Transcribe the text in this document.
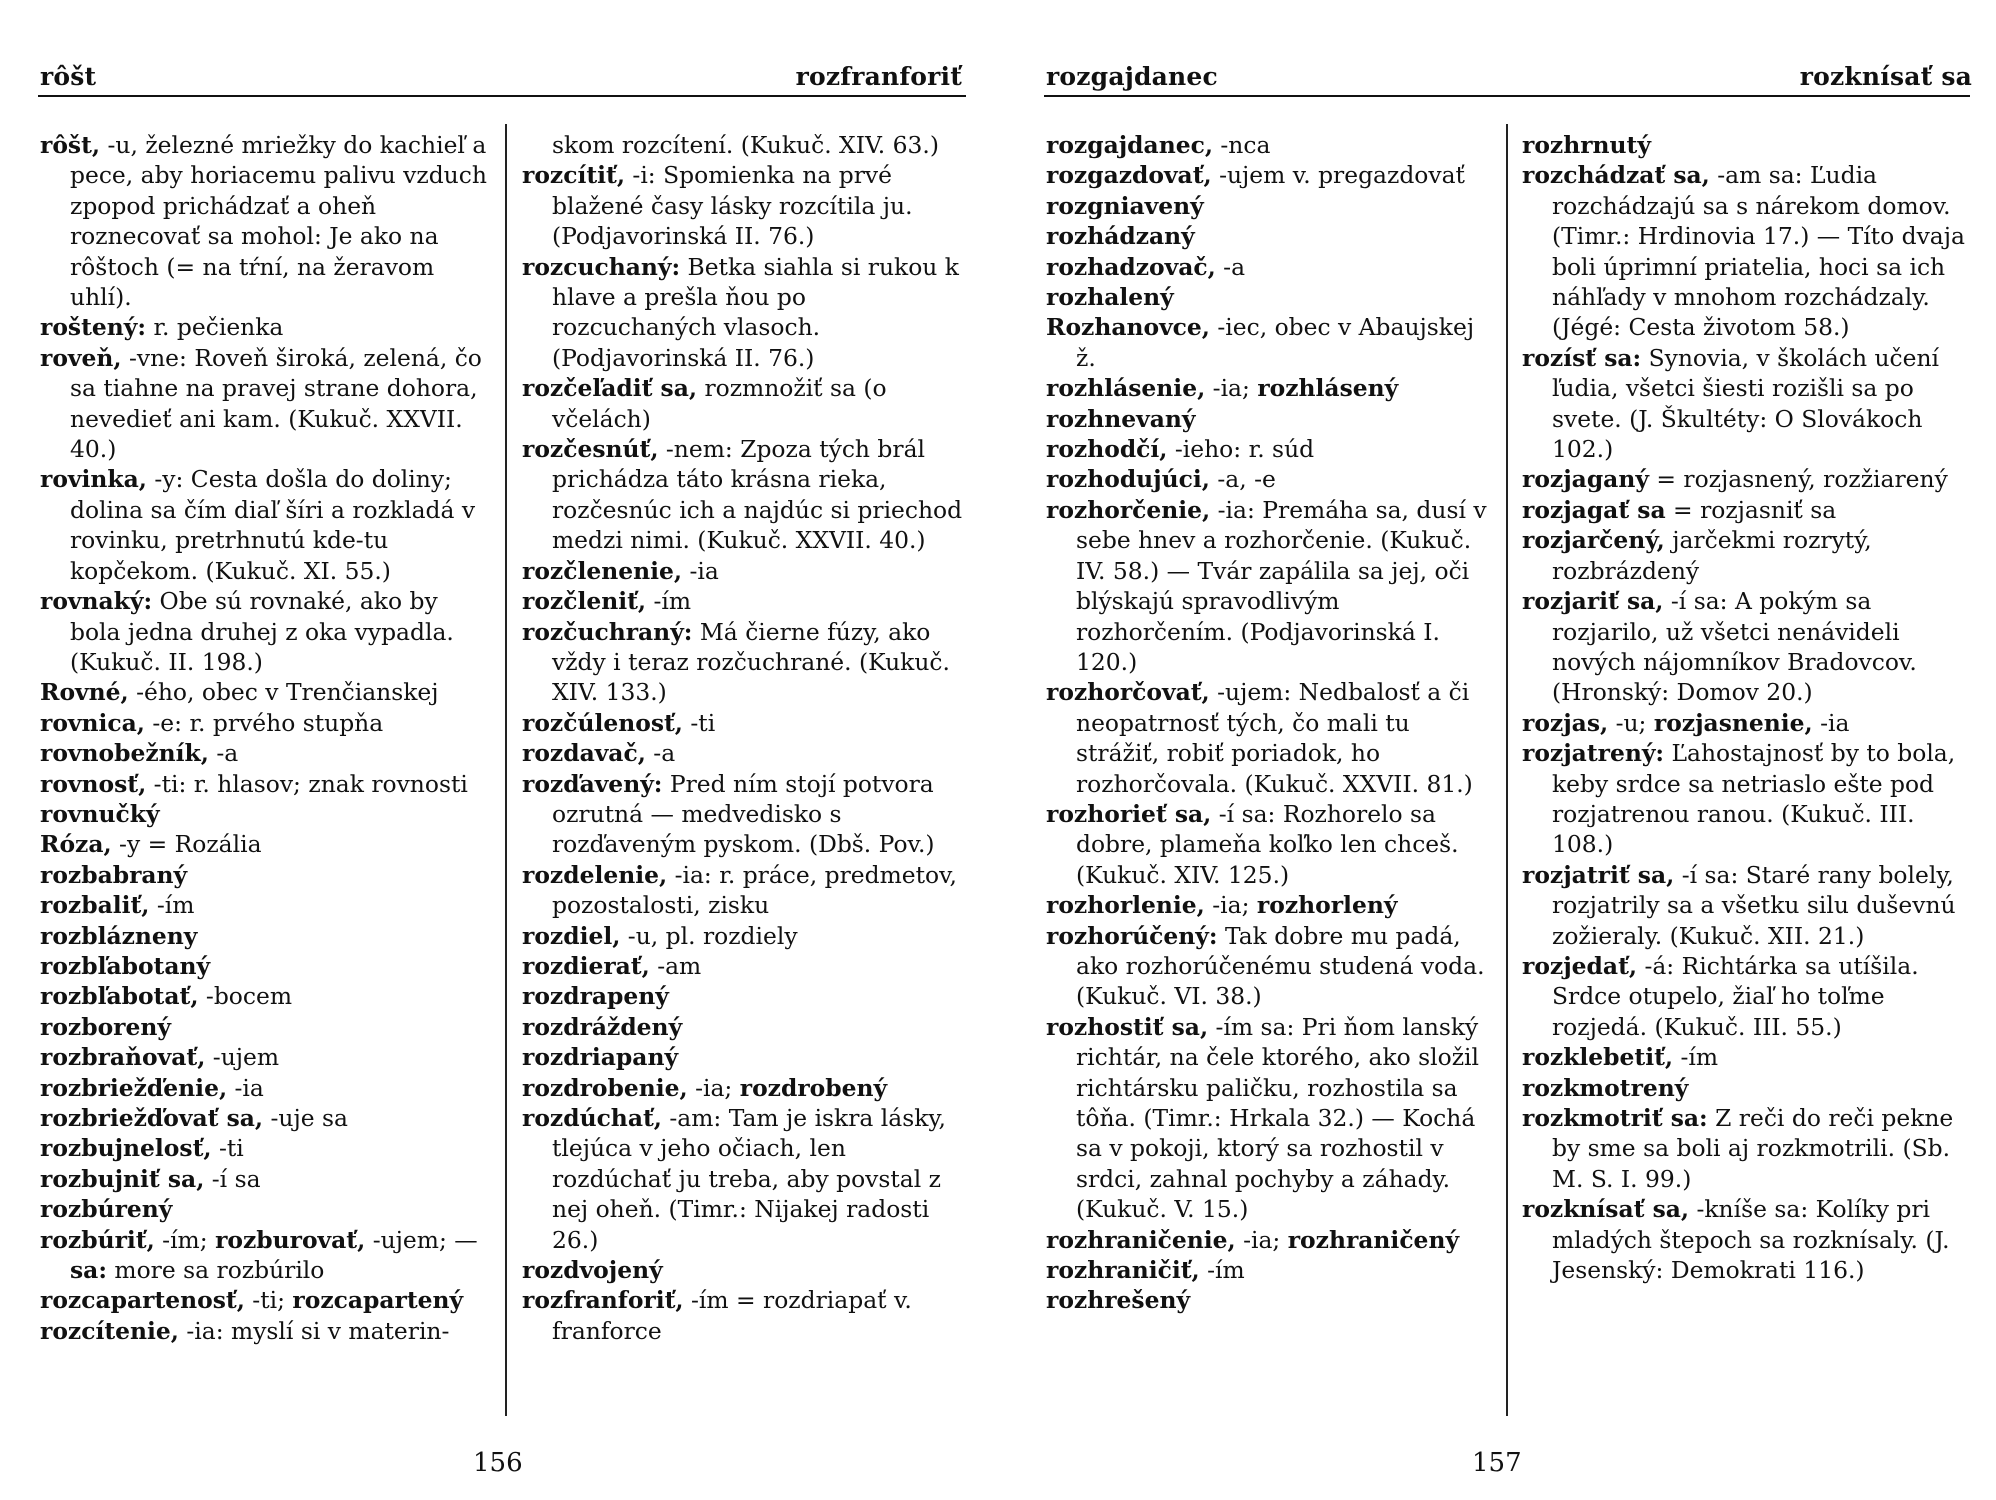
rôšt	rozfranforiť

rôšt, -u, železné mriežky do kachieľ a pece, aby horiacemu palivu vzduch zpopod prichádzať a oheň roznecovať sa mohol: Je ako na rôštoch (= na tŕní, na žeravom uhlí).

roštený: r. pečienka

roveň, -vne: Roveň široká, zelená, čo sa tiahne na pravej strane dohora, nevedieť ani kam. (Kukuč. XXVII. 40.)

rovinka, -y: Cesta došla do doliny; dolina sa čím diaľ šíri a rozkladá v rovinku, pretrhnutú kde-tu kopčekom. (Kukuč. XI. 55.)

rovnaký: Obe sú rovnaké, ako by bola jedna druhej z oka vypadla. (Kukuč. II. 198.)

Rovné, -ého, obec v Trenčianskej

rovnica, -e: r. prvého stupňa

rovnobežník, -a

rovnosť, -ti: r. hlasov; znak rovnosti

rovnučký

Róza, -y = Rozália

rozbabraný

rozbaliť, -ím

rozblázneny

rozbľabotaný

rozbľabotať, -bocem

rozborený

rozbraňovať, -ujem

rozbriežďenie, -ia

rozbriežďovať sa, -uje sa

rozbujnelosť, -ti

rozbujniť sa, -í sa

rozbúrený

rozbúriť, -ím; rozburovať, -ujem; — sa: more sa rozbúrilo

rozcapartenosť, -ti; rozcapartený

rozcítenie, -ia: myslí si v materin-

skom rozcítení. (Kukuč. XIV. 63.)

rozcítiť, -i: Spomienka na prvé blažené časy lásky rozcítila ju. (Podjavorinská II. 76.)

rozcuchaný: Betka siahla si rukou k hlave a prešla ňou po rozcuchaných vlasoch. (Podjavorinská II. 76.)

rozčeľadiť sa, rozmnožiť sa (o včelách)

rozčesnúť, -nem: Zpoza tých brál prichádza táto krásna rieka, rozčesnúc ich a najdúc si priechod medzi nimi. (Kukuč. XXVII. 40.)

rozčlenenie, -ia

rozčleniť, -ím

rozčuchraný: Má čierne fúzy, ako vždy i teraz rozčuchrané. (Kukuč. XIV. 133.)

rozčúlenosť, -ti

rozdavač, -a

rozďavený: Pred ním stojí potvora ozrutná — medvedisko s rozďaveným pyskom. (Dbš. Pov.)

rozdelenie, -ia: r. práce, predmetov, pozostalosti, zisku

rozdiel, -u, pl. rozdiely

rozdierať, -am

rozdrapený

rozdráždený

rozdriapaný

rozdrobenie, -ia; rozdrobený

rozdúchať, -am: Tam je iskra lásky, tlejúca v jeho očiach, len rozdúchať ju treba, aby povstal z nej oheň. (Timr.: Nijakej radosti 26.)

rozdvojený

rozfranforiť, -ím = rozdriapať v. franforce

156
rozgajdanec	rozknísať sa

rozgajdanec, -nca

rozgazdovať, -ujem v. pregazdovať

rozgniavený

rozhádzaný

rozhadzovač, -a

rozhalený

Rozhanovce, -iec, obec v Abaujskej ž.

rozhlásenie, -ia; rozhlásený

rozhnevaný

rozhodčí, -ieho: r. súd

rozhodujúci, -a, -e

rozhorčenie, -ia: Premáha sa, dusí v sebe hnev a rozhorčenie. (Kukuč. IV. 58.) — Tvár zapálila sa jej, oči blýskajú spravodlivým rozhorčením. (Podjavorinská I. 120.)

rozhorčovať, -ujem: Nedbalosť a či neopatrnosť tých, čo mali tu strážiť, robiť poriadok, ho rozhorčovala. (Kukuč. XXVII. 81.)

rozhorieť sa, -í sa: Rozhorelo sa dobre, plameňa koľko len chceš. (Kukuč. XIV. 125.)

rozhorlenie, -ia; rozhorlený

rozhorúčený: Tak dobre mu padá, ako rozhorúčenému studená voda. (Kukuč. VI. 38.)

rozhostiť sa, -ím sa: Pri ňom lanský richtár, na čele ktorého, ako složil richtársku paličku, rozhostila sa tôňa. (Timr.: Hrkala 32.) — Kochá sa v pokoji, ktorý sa rozhostil v srdci, zahnal pochyby a záhady. (Kukuč. V. 15.)

rozhraničenie, -ia; rozhraničený

rozhraničiť, -ím

rozhrešený

rozhrnutý

rozchádzať sa, -am sa: Ľudia rozchádzajú sa s nárekom domov. (Timr.: Hrdinovia 17.) — Títo dvaja boli úprimní priatelia, hoci sa ich náhľady v mnohom rozchádzaly. (Jégé: Cesta životom 58.)

rozísť sa: Synovia, v školách učení ľudia, všetci šiesti rozišli sa po svete. (J. Škultéty: O Slovákoch 102.)

rozjaganý = rozjasnený, rozžiarený

rozjagať sa = rozjasniť sa

rozjarčený, jarčekmi rozrytý, rozbrázdený

rozjariť sa, -í sa: A pokým sa rozjarilo, už všetci nenávideli nových nájomníkov Bradovcov. (Hronský: Domov 20.)

rozjas, -u; rozjasnenie, -ia

rozjatrený: Ľahostajnosť by to bola, keby srdce sa netriaslo ešte pod rozjatrenou ranou. (Kukuč. III. 108.)

rozjatriť sa, -í sa: Staré rany bolely, rozjatrily sa a všetku silu duševnú zožieraly. (Kukuč. XII. 21.)

rozjedať, -á: Richtárka sa utíšila. Srdce otupelo, žiaľ ho toľme rozjedá. (Kukuč. III. 55.)

rozklebetiť, -ím

rozkmotrený

rozkmotriť sa: Z reči do reči pekne by sme sa boli aj rozkmotrili. (Sb. M. S. I. 99.)

rozknísať sa, -kníše sa: Kolíky pri mladých štepoch sa rozknísaly. (J. Jesenský: Demokrati 116.)

157
